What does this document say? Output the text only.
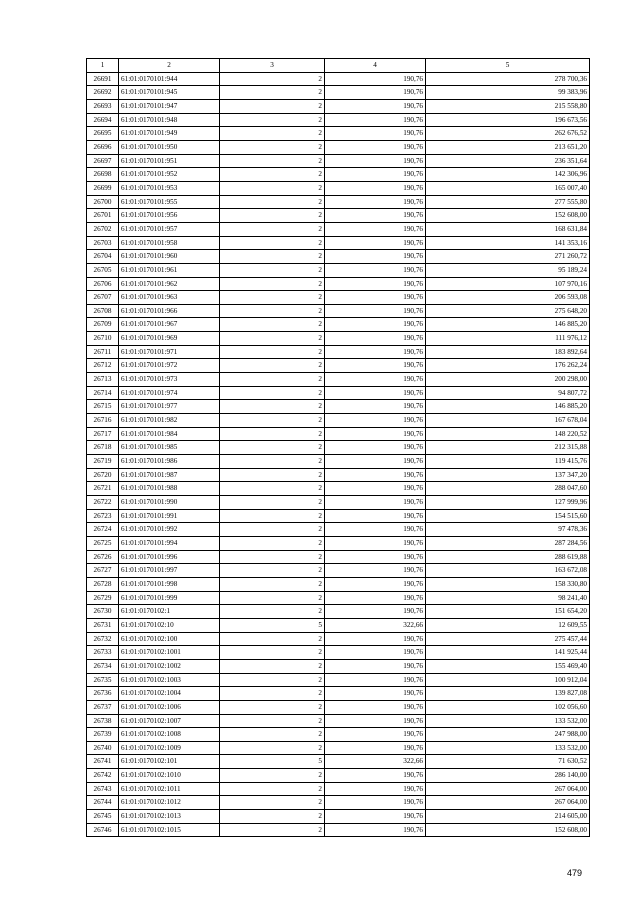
1	2	3	4	5
26691	61:01:0170101:944	2	190,76	278 700,36
26692	61:01:0170101:945	2	190,76	99 383,96
26693	61:01:0170101:947	2	190,76	215 558,80
26694	61:01:0170101:948	2	190,76	196 673,56
26695	61:01:0170101:949	2	190,76	262 676,52
26696	61:01:0170101:950	2	190,76	213 651,20
26697	61:01:0170101:951	2	190,76	236 351,64
26698	61:01:0170101:952	2	190,76	142 306,96
26699	61:01:0170101:953	2	190,76	165 007,40
26700	61:01:0170101:955	2	190,76	277 555,80
26701	61:01:0170101:956	2	190,76	152 608,00
26702	61:01:0170101:957	2	190,76	168 631,84
26703	61:01:0170101:958	2	190,76	141 353,16
26704	61:01:0170101:960	2	190,76	271 260,72
26705	61:01:0170101:961	2	190,76	95 189,24
26706	61:01:0170101:962	2	190,76	107 970,16
26707	61:01:0170101:963	2	190,76	206 593,08
26708	61:01:0170101:966	2	190,76	275 648,20
26709	61:01:0170101:967	2	190,76	146 885,20
26710	61:01:0170101:969	2	190,76	111 976,12
26711	61:01:0170101:971	2	190,76	183 892,64
26712	61:01:0170101:972	2	190,76	176 262,24
26713	61:01:0170101:973	2	190,76	200 298,00
26714	61:01:0170101:974	2	190,76	94 807,72
26715	61:01:0170101:977	2	190,76	146 885,20
26716	61:01:0170101:982	2	190,76	167 678,04
26717	61:01:0170101:984	2	190,76	148 220,52
26718	61:01:0170101:985	2	190,76	212 315,88
26719	61:01:0170101:986	2	190,76	119 415,76
26720	61:01:0170101:987	2	190,76	137 347,20
26721	61:01:0170101:988	2	190,76	288 047,60
26722	61:01:0170101:990	2	190,76	127 999,96
26723	61:01:0170101:991	2	190,76	154 515,60
26724	61:01:0170101:992	2	190,76	97 478,36
26725	61:01:0170101:994	2	190,76	287 284,56
26726	61:01:0170101:996	2	190,76	288 619,88
26727	61:01:0170101:997	2	190,76	163 672,08
26728	61:01:0170101:998	2	190,76	158 330,80
26729	61:01:0170101:999	2	190,76	98 241,40
26730	61:01:0170102:1	2	190,76	151 654,20
26731	61:01:0170102:10	5	322,66	12 609,55
26732	61:01:0170102:100	2	190,76	275 457,44
26733	61:01:0170102:1001	2	190,76	141 925,44
26734	61:01:0170102:1002	2	190,76	155 469,40
26735	61:01:0170102:1003	2	190,76	100 912,04
26736	61:01:0170102:1004	2	190,76	139 827,08
26737	61:01:0170102:1006	2	190,76	102 056,60
26738	61:01:0170102:1007	2	190,76	133 532,00
26739	61:01:0170102:1008	2	190,76	247 988,00
26740	61:01:0170102:1009	2	190,76	133 532,00
26741	61:01:0170102:101	5	322,66	71 630,52
26742	61:01:0170102:1010	2	190,76	286 140,00
26743	61:01:0170102:1011	2	190,76	267 064,00
26744	61:01:0170102:1012	2	190,76	267 064,00
26745	61:01:0170102:1013	2	190,76	214 605,00
26746	61:01:0170102:1015	2	190,76	152 608,00
479
